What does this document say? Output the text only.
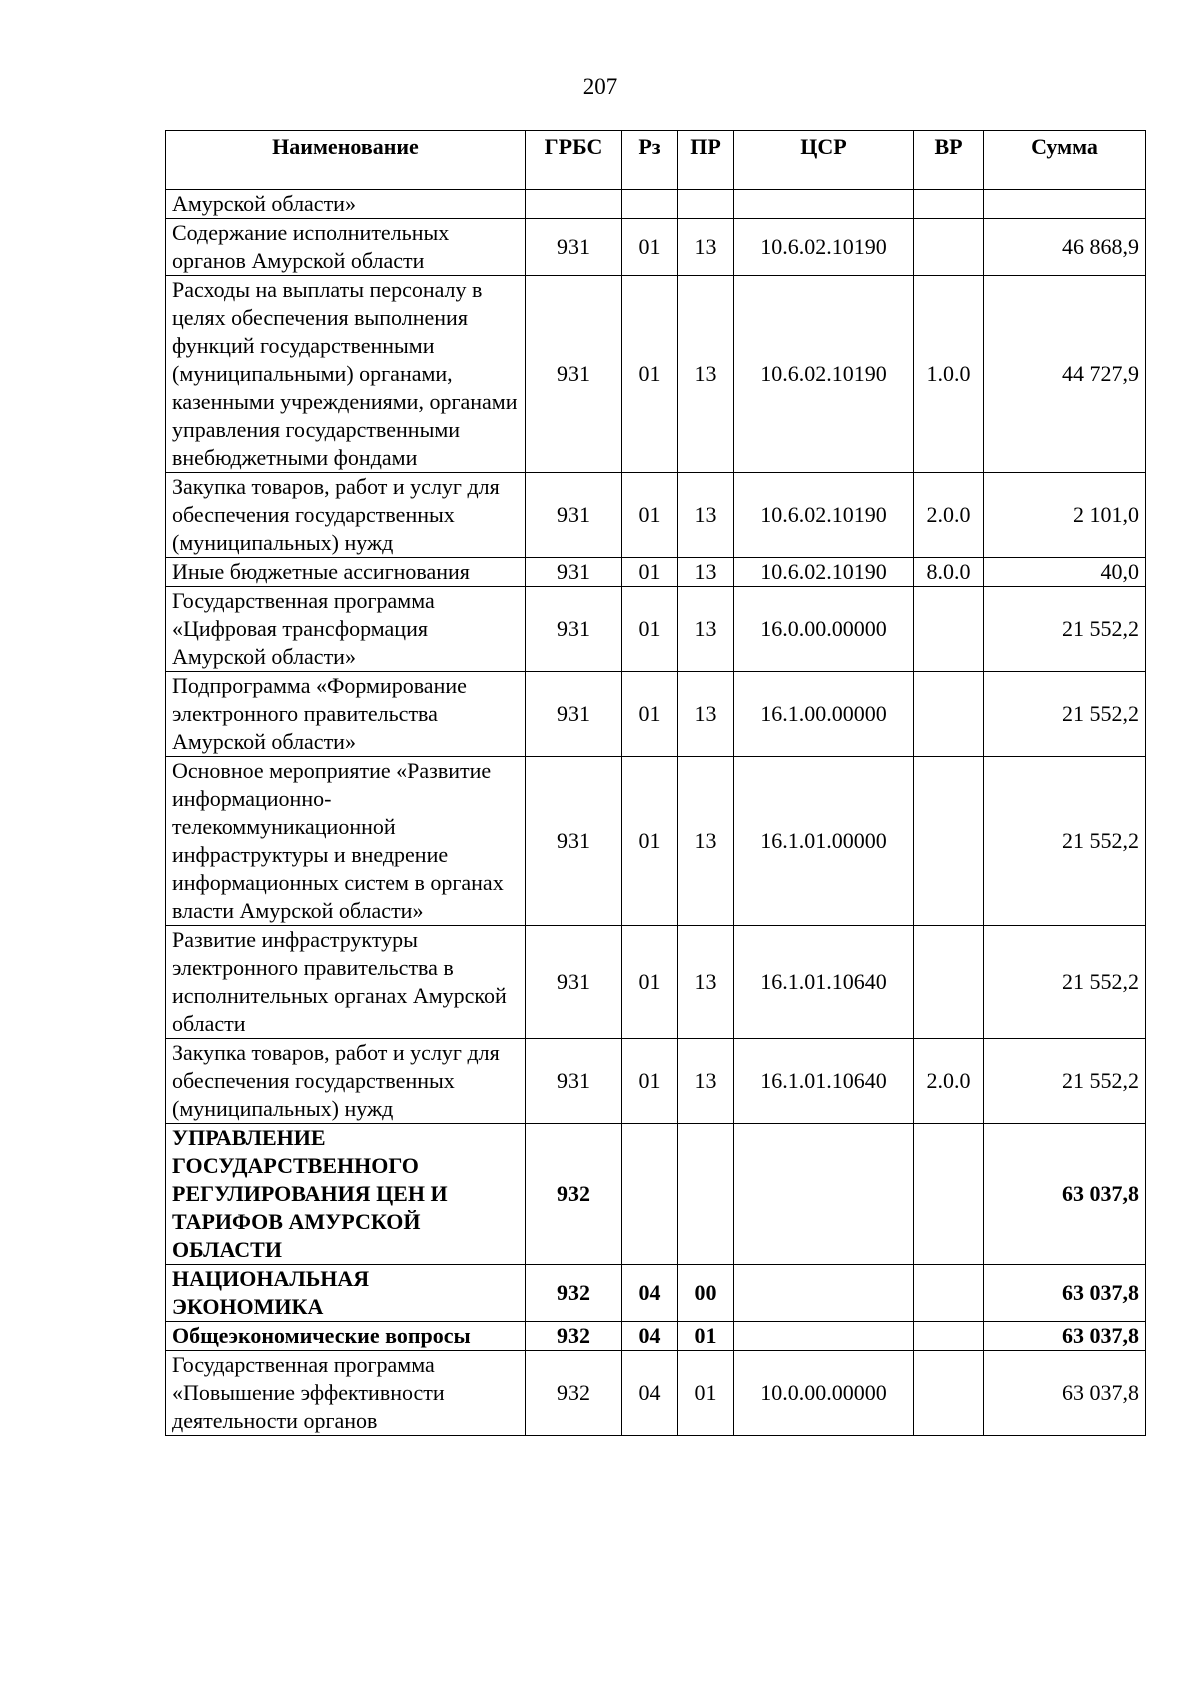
207
Наименование	ГРБС	Рз	ПР	ЦСР	ВР	Сумма
Амурской области»						
Содержание исполнительных органов Амурской области	931	01	13	10.6.02.10190		46 868,9
Расходы на выплаты персоналу в целях обеспечения выполнения функций государственными (муниципальными) органами, казенными учреждениями, органами управления государственными внебюджетными фондами	931	01	13	10.6.02.10190	1.0.0	44 727,9
Закупка товаров, работ и услуг для обеспечения государственных (муниципальных) нужд	931	01	13	10.6.02.10190	2.0.0	2 101,0
Иные бюджетные ассигнования	931	01	13	10.6.02.10190	8.0.0	40,0
Государственная программа «Цифровая трансформация Амурской области»	931	01	13	16.0.00.00000		21 552,2
Подпрограмма «Формирование электронного правительства Амурской области»	931	01	13	16.1.00.00000		21 552,2
Основное мероприятие «Развитие информационно-телекоммуникационной инфраструктуры и внедрение информационных систем в органах власти Амурской области»	931	01	13	16.1.01.00000		21 552,2
Развитие инфраструктуры электронного правительства в исполнительных органах Амурской области	931	01	13	16.1.01.10640		21 552,2
Закупка товаров, работ и услуг для обеспечения государственных (муниципальных) нужд	931	01	13	16.1.01.10640	2.0.0	21 552,2
УПРАВЛЕНИЕ ГОСУДАРСТВЕННОГО РЕГУЛИРОВАНИЯ ЦЕН И ТАРИФОВ АМУРСКОЙ ОБЛАСТИ	932					63 037,8
НАЦИОНАЛЬНАЯ ЭКОНОМИКА	932	04	00			63 037,8
Общеэкономические вопросы	932	04	01			63 037,8
Государственная программа «Повышение эффективности деятельности органов	932	04	01	10.0.00.00000		63 037,8
